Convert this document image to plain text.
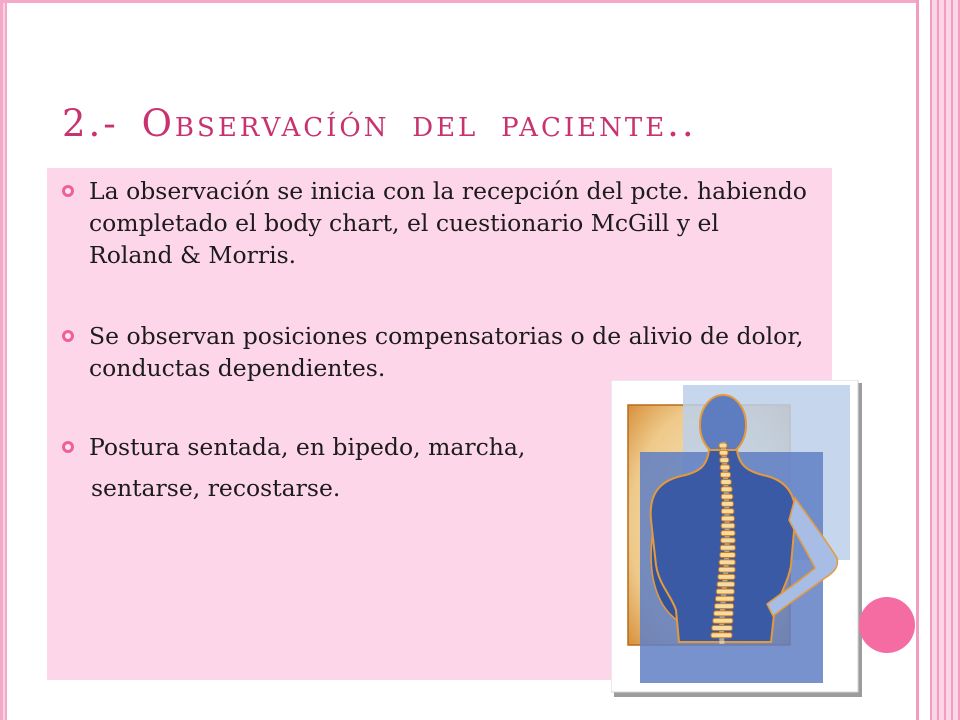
2.- Observacíón del paciente..
La observación se inicia con la recepción del pcte. habiendo
completado el body chart, el cuestionario McGill y el
Roland & Morris.
Se observan posiciones compensatorias o de alivio de dolor,
conductas dependientes.
Postura sentada, en bipedo, marcha,
sentarse, recostarse.
